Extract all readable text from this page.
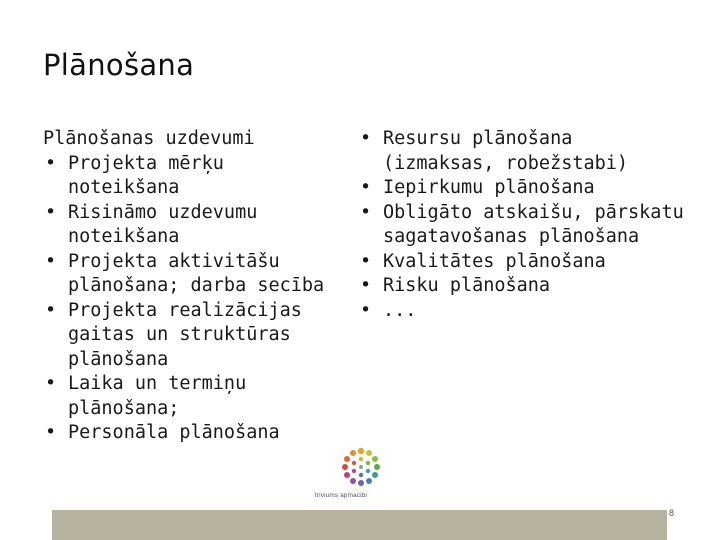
Plānošana
Plānošanas uzdevumi
• Projekta mērķu noteikšana
• Risināmo uzdevumu noteikšana
• Projekta aktivitāšu plānošana; darba secība
• Projekta realizācijas gaitas un struktūras plānošana
• Laika un termiņu plānošana;
• Personāla plānošana
• Resursu plānošana (izmaksas, robežstabi)
• Iepirkumu plānošana
• Obligāto atskaišu, pārskatu sagatavošanas plānošana
• Kvalitātes plānošana
• Risku plānošana
• ...
triviums apmacibi
8
